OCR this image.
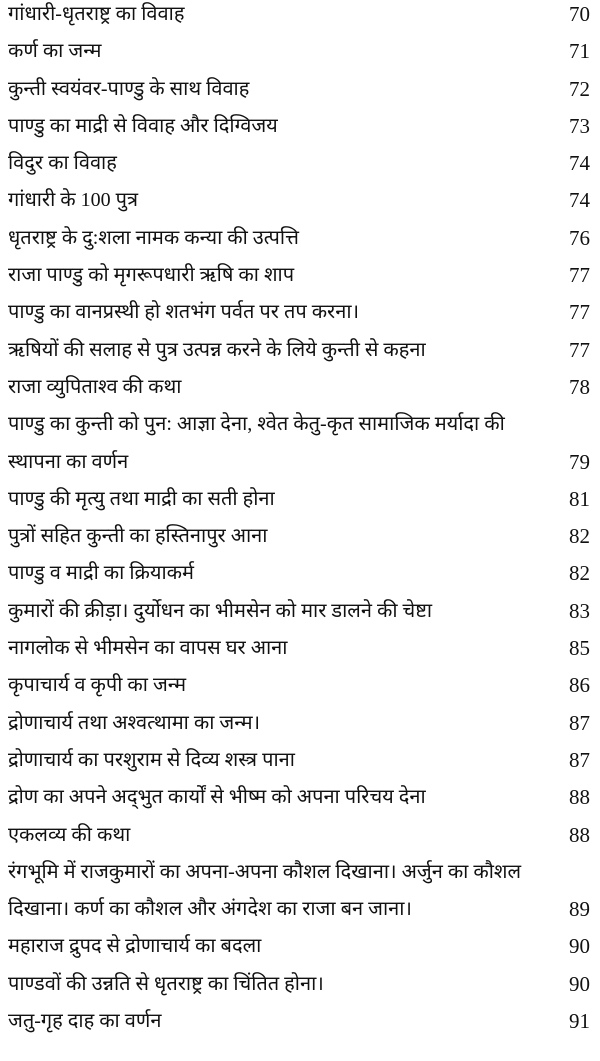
गांधारी-धृतराष्ट्र का विवाह	70
कर्ण का जन्म	71
कुन्ती स्वयंवर-पाण्डु के साथ विवाह	72
पाण्डु का माद्री से विवाह और दिग्विजय	73
विदुर का विवाह	74
गांधारी के 100 पुत्र	74
धृतराष्ट्र के दु:शला नामक कन्या की उत्पत्ति	76
राजा पाण्डु को मृगरूपधारी ऋषि का शाप	77
पाण्डु का वानप्रस्थी हो शतभंग पर्वत पर तप करना।	77
ऋषियों की सलाह से पुत्र उत्पन्न करने के लिये कुन्ती से कहना	77
राजा व्युपिताश्व की कथा	78
पाण्डु का कुन्ती को पुन: आज्ञा देना, श्वेत केतु-कृत सामाजिक मर्यादा की
स्थापना का वर्णन	79
पाण्डु की मृत्यु तथा माद्री का सती होना	81
पुत्रों सहित कुन्ती का हस्तिनापुर आना	82
पाण्डु व माद्री का क्रियाकर्म	82
कुमारों की क्रीड़ा। दुर्योधन का भीमसेन को मार डालने की चेष्टा	83
नागलोक से भीमसेन का वापस घर आना	85
कृपाचार्य व कृपी का जन्म	86
द्रोणाचार्य तथा अश्वत्थामा का जन्म।	87
द्रोणाचार्य का परशुराम से दिव्य शस्त्र पाना	87
द्रोण का अपने अद्‌भुत कार्यों से भीष्म को अपना परिचय देना	88
एकलव्य की कथा	88
रंगभूमि में राजकुमारों का अपना-अपना कौशल दिखाना। अर्जुन का कौशल
दिखाना। कर्ण का कौशल और अंगदेश का राजा बन जाना।	89
महाराज द्रुपद से द्रोणाचार्य का बदला	90
पाण्डवों की उन्नति से धृतराष्ट्र का चिंतित होना।	90
जतु-गृह दाह का वर्णन	91
